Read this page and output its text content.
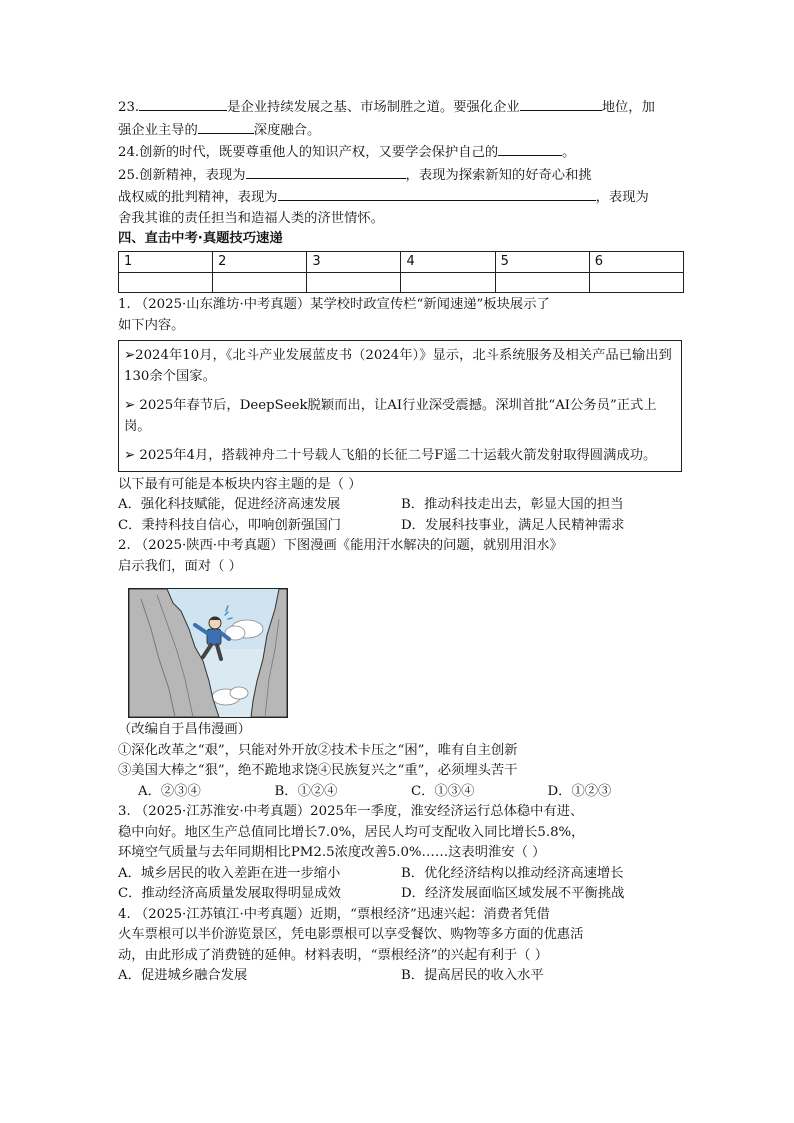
23.	是企业持续发展之基、市场制胜之道。要强化企业	地位，加
强企业主导的	深度融合。
24.创新的时代，既要尊重他人的知识产权，又要学会保护自己的	。
25.创新精神，表现为	，表现为探索新知的好奇心和挑
战权威的批判精神，表现为	，表现为
舍我其谁的责任担当和造福人类的济世情怀。
四、直击中考·真题技巧速递
1	2	3	4	5	6

1. （2025·山东潍坊·中考真题）某学校时政宣传栏“新闻速递”板块展示了
如下内容。
➢2024年10月，《北斗产业发展蓝皮书（2024年）》显示，北斗系统服务及相关产品已输出到130余个国家。
➢ 2025年春节后，DeepSeek脱颖而出，让AI行业深受震撼。深圳首批“AI公务员”正式上岗。
➢ 2025年4月，搭载神舟二十号载人飞船的长征二号F遥二十运载火箭发射取得圆满成功。
以下最有可能是本板块内容主题的是（ ）
A．强化科技赋能，促进经济高速发展	B．推动科技走出去，彰显大国的担当
C．秉持科技自信心，叩响创新强国门	D．发展科技事业，满足人民精神需求
2. （2025·陕西·中考真题）下图漫画《能用汗水解决的问题，就别用泪水》
启示我们，面对（ ）
（改编自于昌伟漫画）
①深化改革之“艰”，只能对外开放②技术卡压之“困”，唯有自主创新
③美国大棒之“狠”，绝不跪地求饶④民族复兴之“重”，必须埋头苦干
A．②③④	B．①②④	C．①③④	D．①②③
3. （2025·江苏淮安·中考真题）2025年一季度，淮安经济运行总体稳中有进、
稳中向好。地区生产总值同比增长7.0%，居民人均可支配收入同比增长5.8%，
环境空气质量与去年同期相比PM2.5浓度改善5.0%……这表明淮安（ ）
A．城乡居民的收入差距在进一步缩小	B．优化经济结构以推动经济高速增长
C．推动经济高质量发展取得明显成效	D．经济发展面临区域发展不平衡挑战
4. （2025·江苏镇江·中考真题）近期，“票根经济”迅速兴起：消费者凭借
火车票根可以半价游览景区，凭电影票根可以享受餐饮、购物等多方面的优惠活
动，由此形成了消费链的延伸。材料表明，“票根经济”的兴起有利于（ ）
A．促进城乡融合发展	B．提高居民的收入水平
